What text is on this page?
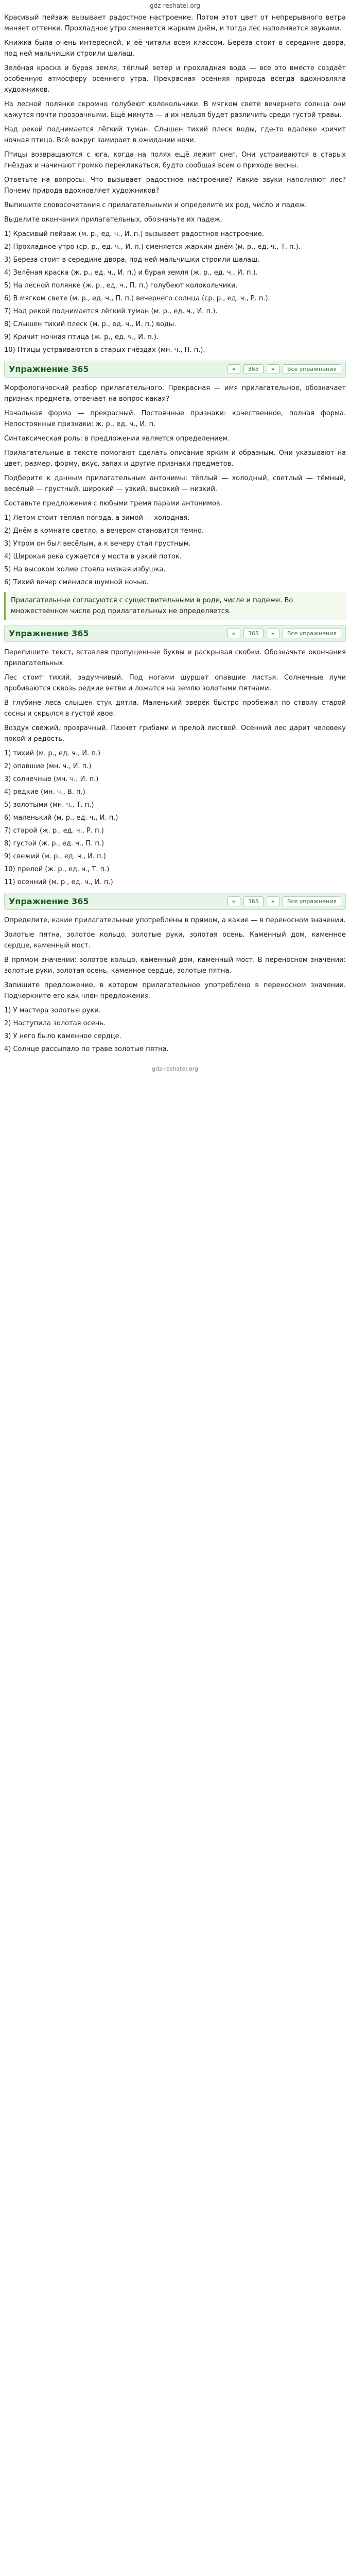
gdz-reshatel.org

Красивый пейзаж вызывает радостное настроение. Потом этот цвет от непрерывного ветра меняет оттенки. Прохладное утро сменяется жарким днём, и тогда лес наполняется звуками.

Книжка была очень интересной, и её читали всем классом. Береза стоит в середине двора, под ней мальчишки строили шалаш.

Зелёная краска и бурая земля, тёплый ветер и прохладная вода — все это вместе создаёт особенную атмосферу осеннего утра. Прекрасная осенняя природа всегда вдохновляла художников.

На лесной полянке скромно голубеют колокольчики. В мягком свете вечернего солнца они кажутся почти прозрачными. Ещё минута — и их нельзя будет различить среди густой травы.

Над рекой поднимается лёгкий туман. Слышен тихий плеск воды, где-то вдалеке кричит ночная птица. Всё вокруг замирает в ожидании ночи.

Птицы возвращаются с юга, когда на полях ещё лежит снег. Они устраиваются в старых гнёздах и начинают громко перекликаться, будто сообщая всем о приходе весны.

Ответьте на вопросы. Что вызывает радостное настроение? Какие звуки наполняют лес? Почему природа вдохновляет художников?

Выпишите словосочетания с прилагательными и определите их род, число и падеж.

Выделите окончания прилагательных, обозначьте их падеж.

1) Красивый пейзаж (м. р., ед. ч., И. п.) вызывает радостное настроение.
2) Прохладное утро (ср. р., ед. ч., И. п.) сменяется жарким днём (м. р., ед. ч., Т. п.).
3) Береза стоит в середине двора, под ней мальчишки строили шалаш.
4) Зелёная краска (ж. р., ед. ч., И. п.) и бурая земля (ж. р., ед. ч., И. п.).
5) На лесной полянке (ж. р., ед. ч., П. п.) голубеют колокольчики.
6) В мягком свете (м. р., ед. ч., П. п.) вечернего солнца (ср. р., ед. ч., Р. п.).
7) Над рекой поднимается лёгкий туман (м. р., ед. ч., И. п.).
8) Слышен тихий плеск (м. р., ед. ч., И. п.) воды.
9) Кричит ночная птица (ж. р., ед. ч., И. п.).
10) Птицы устраиваются в старых гнёздах (мн. ч., П. п.).
Упражнение 365	«	365	»	Все упражнения

Морфологический разбор прилагательного. Прекрасная — имя прилагательное, обозначает признак предмета, отвечает на вопрос какая?

Начальная форма — прекрасный. Постоянные признаки: качественное, полная форма. Непостоянные признаки: ж. р., ед. ч., И. п.

Синтаксическая роль: в предложении является определением.

Прилагательные в тексте помогают сделать описание ярким и образным. Они указывают на цвет, размер, форму, вкус, запах и другие признаки предметов.

Подберите к данным прилагательным антонимы: тёплый — холодный, светлый — тёмный, весёлый — грустный, широкий — узкий, высокий — низкий.

Составьте предложения с любыми тремя парами антонимов.

1) Летом стоит тёплая погода, а зимой — холодная.
2) Днём в комнате светло, а вечером становится темно.
3) Утром он был весёлым, а к вечеру стал грустным.
4) Широкая река сужается у моста в узкий поток.
5) На высоком холме стояла низкая избушка.
6) Тихий вечер сменился шумной ночью.
Прилагательные согласуются с существительными в роде, числе и падеже. Во множественном числе род прилагательных не определяется.
Упражнение 365	«	365	»	Все упражнения

Перепишите текст, вставляя пропущенные буквы и раскрывая скобки. Обозначьте окончания прилагательных.

Лес стоит тихий, задумчивый. Под ногами шуршат опавшие листья. Солнечные лучи пробиваются сквозь редкие ветви и ложатся на землю золотыми пятнами.

В глубине леса слышен стук дятла. Маленький зверёк быстро пробежал по стволу старой сосны и скрылся в густой хвое.

Воздух свежий, прозрачный. Пахнет грибами и прелой листвой. Осенний лес дарит человеку покой и радость.

1) тихий (м. р., ед. ч., И. п.)
2) опавшие (мн. ч., И. п.)
3) солнечные (мн. ч., И. п.)
4) редкие (мн. ч., В. п.)
5) золотыми (мн. ч., Т. п.)
6) маленький (м. р., ед. ч., И. п.)
7) старой (ж. р., ед. ч., Р. п.)
8) густой (ж. р., ед. ч., П. п.)
9) свежий (м. р., ед. ч., И. п.)
10) прелой (ж. р., ед. ч., Т. п.)
11) осенний (м. р., ед. ч., И. п.)
Упражнение 365	«	365	»	Все упражнения

Определите, какие прилагательные употреблены в прямом, а какие — в переносном значении.

Золотые пятна, золотое кольцо, золотые руки, золотая осень. Каменный дом, каменное сердце, каменный мост.

В прямом значении: золотое кольцо, каменный дом, каменный мост. В переносном значении: золотые руки, золотая осень, каменное сердце, золотые пятна.

Запишите предложение, в котором прилагательное употреблено в переносном значении. Подчеркните его как член предложения.

1) У мастера золотые руки.
2) Наступила золотая осень.
3) У него было каменное сердце.
4) Солнце рассыпало по траве золотые пятна.
gdz-reshatel.org
